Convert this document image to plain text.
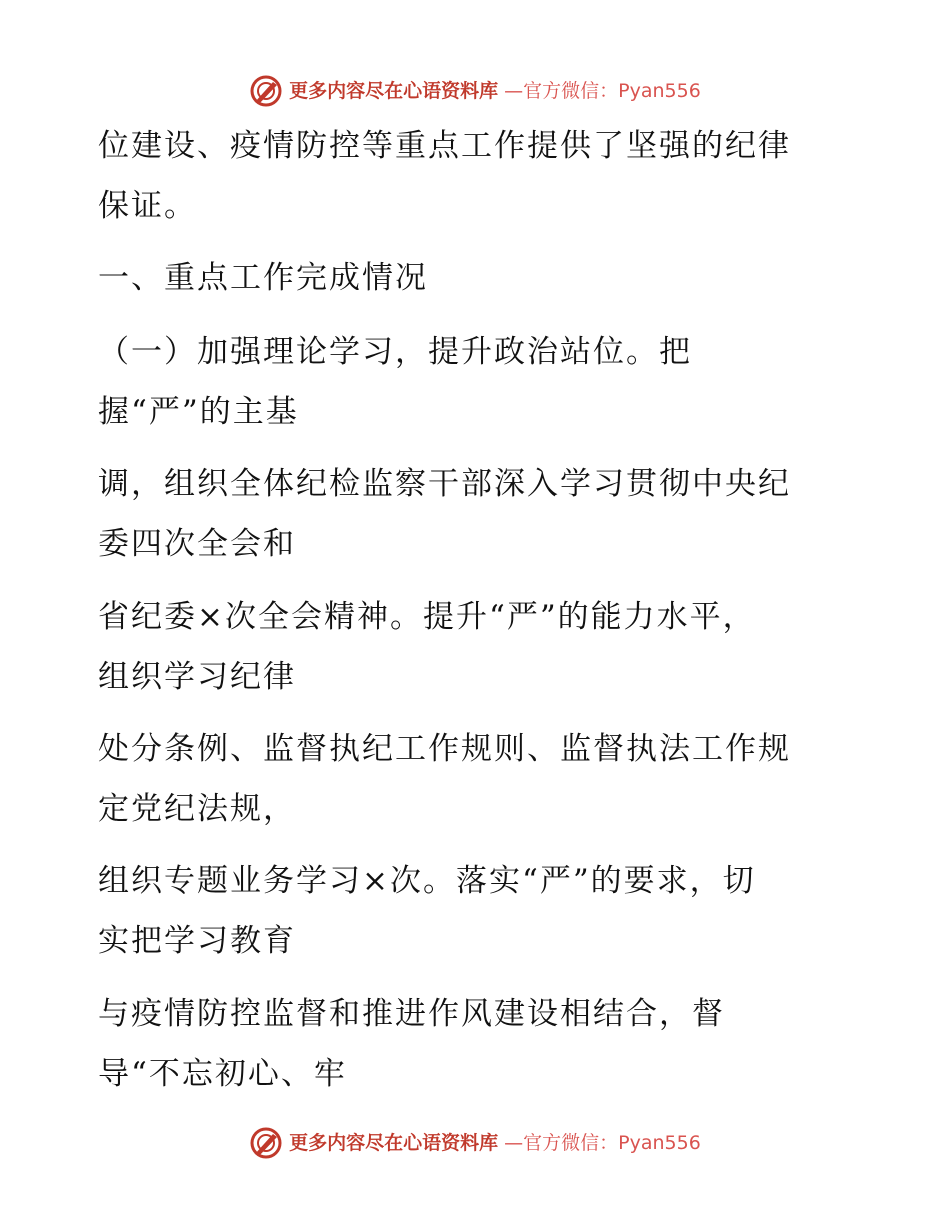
更多内容尽在心语资料库 —官方微信：Pyan556
位建设、疫情防控等重点工作提供了坚强的纪律
保证。
一、重点工作完成情况
（一）加强理论学习，提升政治站位。把
握“严”的主基
调，组织全体纪检监察干部深入学习贯彻中央纪
委四次全会和
省纪委×次全会精神。提升“严”的能力水平，
组织学习纪律
处分条例、监督执纪工作规则、监督执法工作规
定党纪法规，
组织专题业务学习×次。落实“严”的要求，切
实把学习教育
与疫情防控监督和推进作风建设相结合，督
导“不忘初心、牢
更多内容尽在心语资料库 —官方微信：Pyan556
